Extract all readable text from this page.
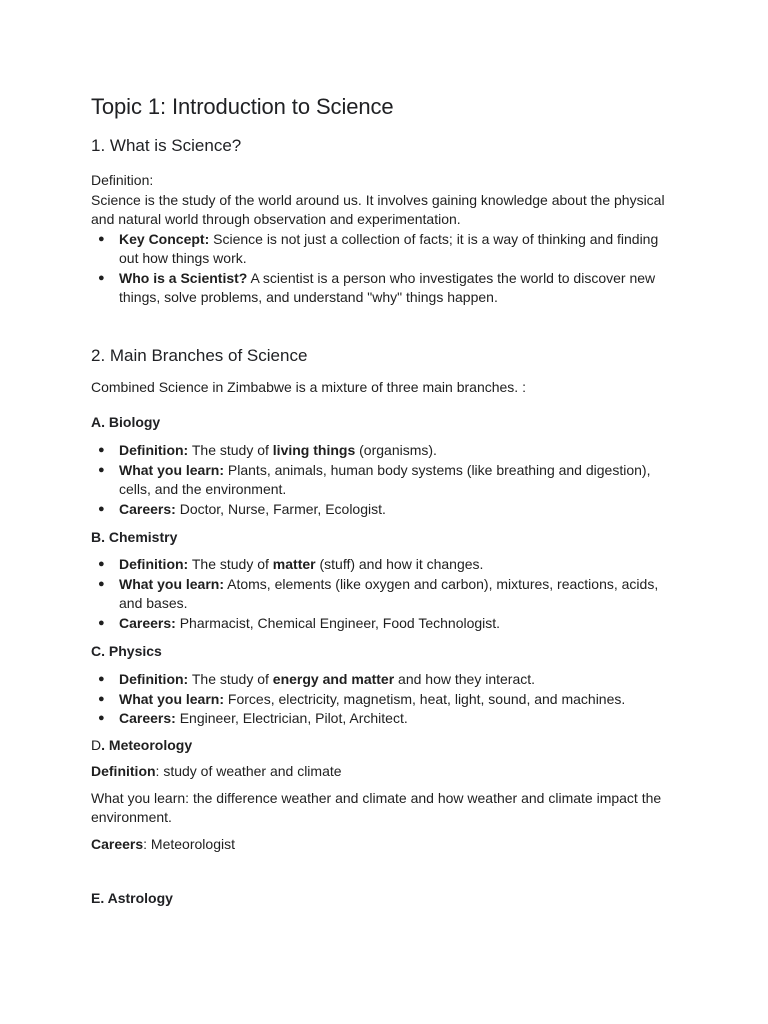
Topic 1: Introduction to Science
1. What is Science?

Definition:

Science is the study of the world around us. It involves gaining knowledge about the physical and natural world through observation and experimentation.

● Key Concept: Science is not just a collection of facts; it is a way of thinking and finding out how things work.
● Who is a Scientist? A scientist is a person who investigates the world to discover new things, solve problems, and understand "why" things happen.
2. Main Branches of Science

Combined Science in Zimbabwe is a mixture of three main branches. :

A. Biology
● Definition: The study of living things (organisms).
● What you learn: Plants, animals, human body systems (like breathing and digestion), cells, and the environment.
● Careers: Doctor, Nurse, Farmer, Ecologist.
B. Chemistry
● Definition: The study of matter (stuff) and how it changes.
● What you learn: Atoms, elements (like oxygen and carbon), mixtures, reactions, acids, and bases.
● Careers: Pharmacist, Chemical Engineer, Food Technologist.
C. Physics
● Definition: The study of energy and matter and how they interact.
● What you learn: Forces, electricity, magnetism, heat, light, sound, and machines.
● Careers: Engineer, Electrician, Pilot, Architect.

D. Meteorology

Definition: study of weather and climate

What you learn: the difference weather and climate and how weather and climate impact the environment.

Careers: Meteorologist

E. Astrology
